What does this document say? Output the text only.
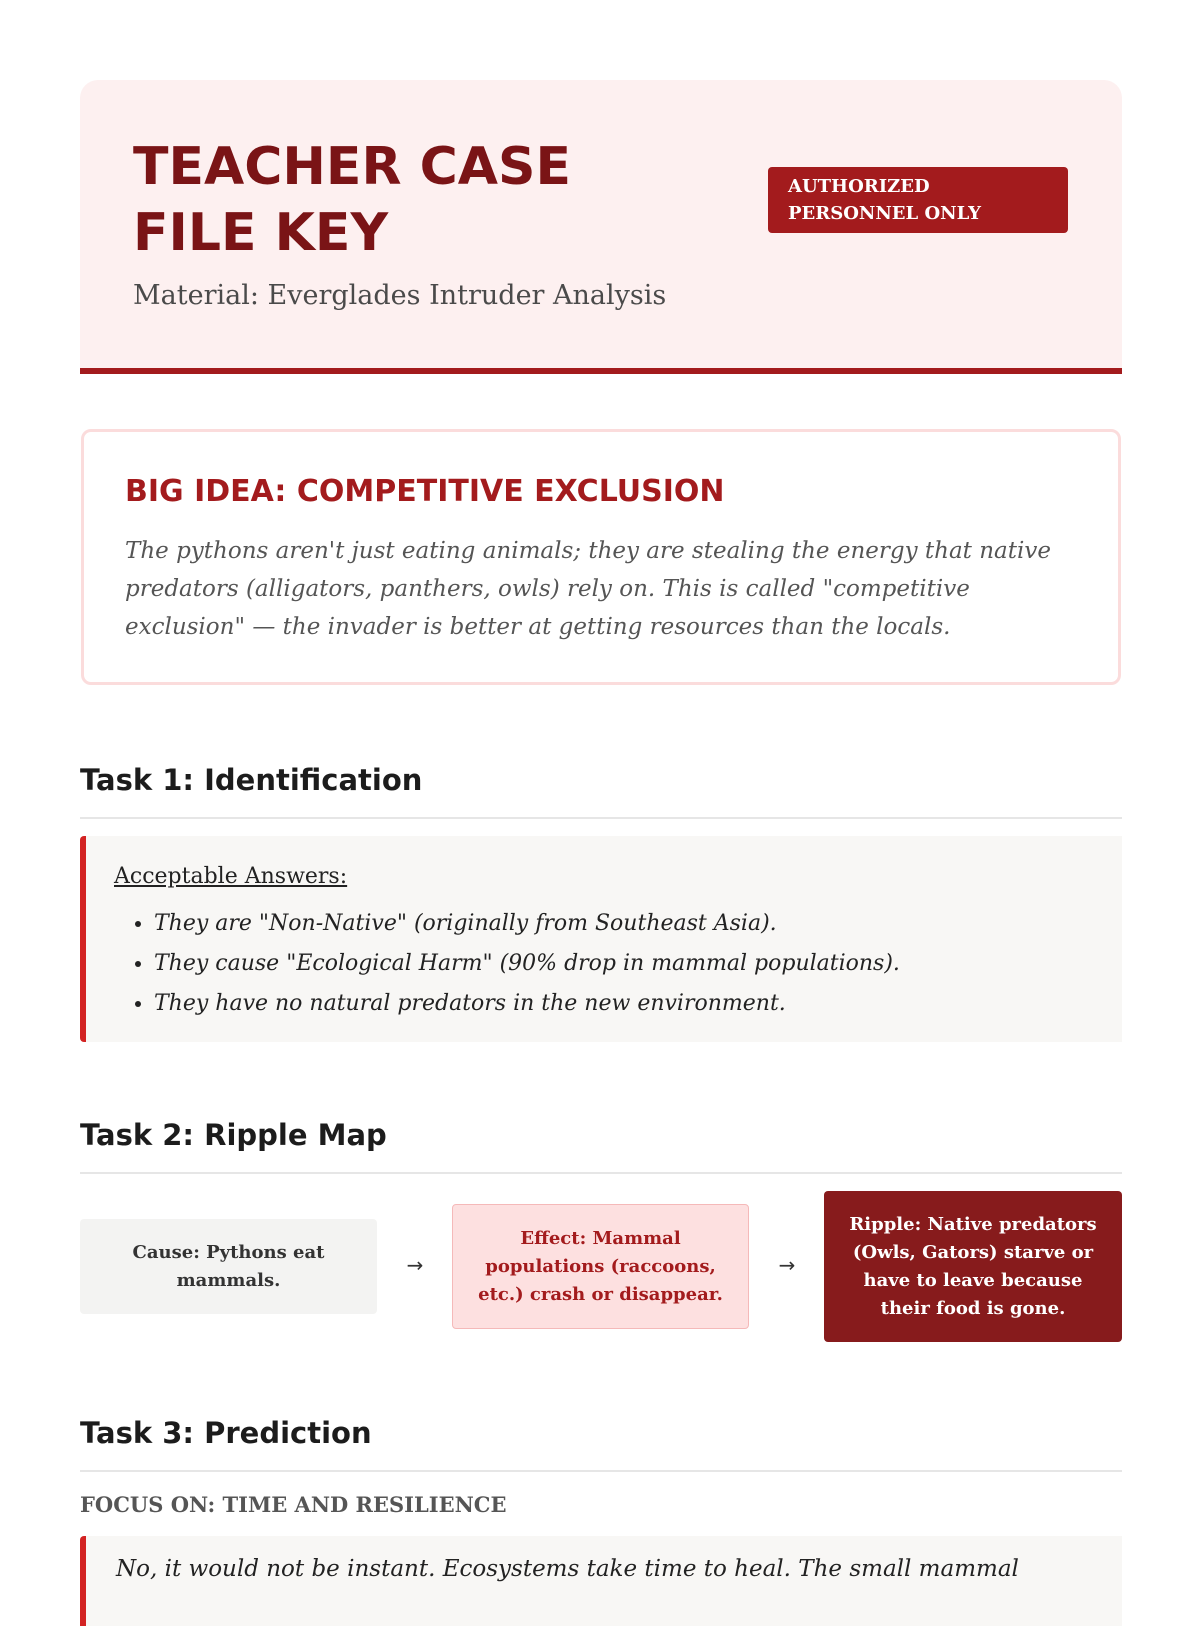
TEACHER CASE FILE KEY

Material: Everglades Intruder Analysis

AUTHORIZED PERSONNEL ONLY
BIG IDEA: COMPETITIVE EXCLUSION

The pythons aren't just eating animals; they are stealing the energy that native predators (alligators, panthers, owls) rely on. This is called "competitive exclusion" — the invader is better at getting resources than the locals.

Task 1: Identification

Acceptable Answers:

• They are "Non-Native" (originally from Southeast Asia).
• They cause "Ecological Harm" (90% drop in mammal populations).
• They have no natural predators in the new environment.
Task 2: Ripple Map
Cause: Pythons eat mammals.
→
Effect: Mammal populations (raccoons, etc.) crash or disappear.
→
Ripple: Native predators (Owls, Gators) starve or have to leave because their food is gone.
Task 3: Prediction

FOCUS ON: TIME AND RESILIENCE

No, it would not be instant. Ecosystems take time to heal. The small mammal
